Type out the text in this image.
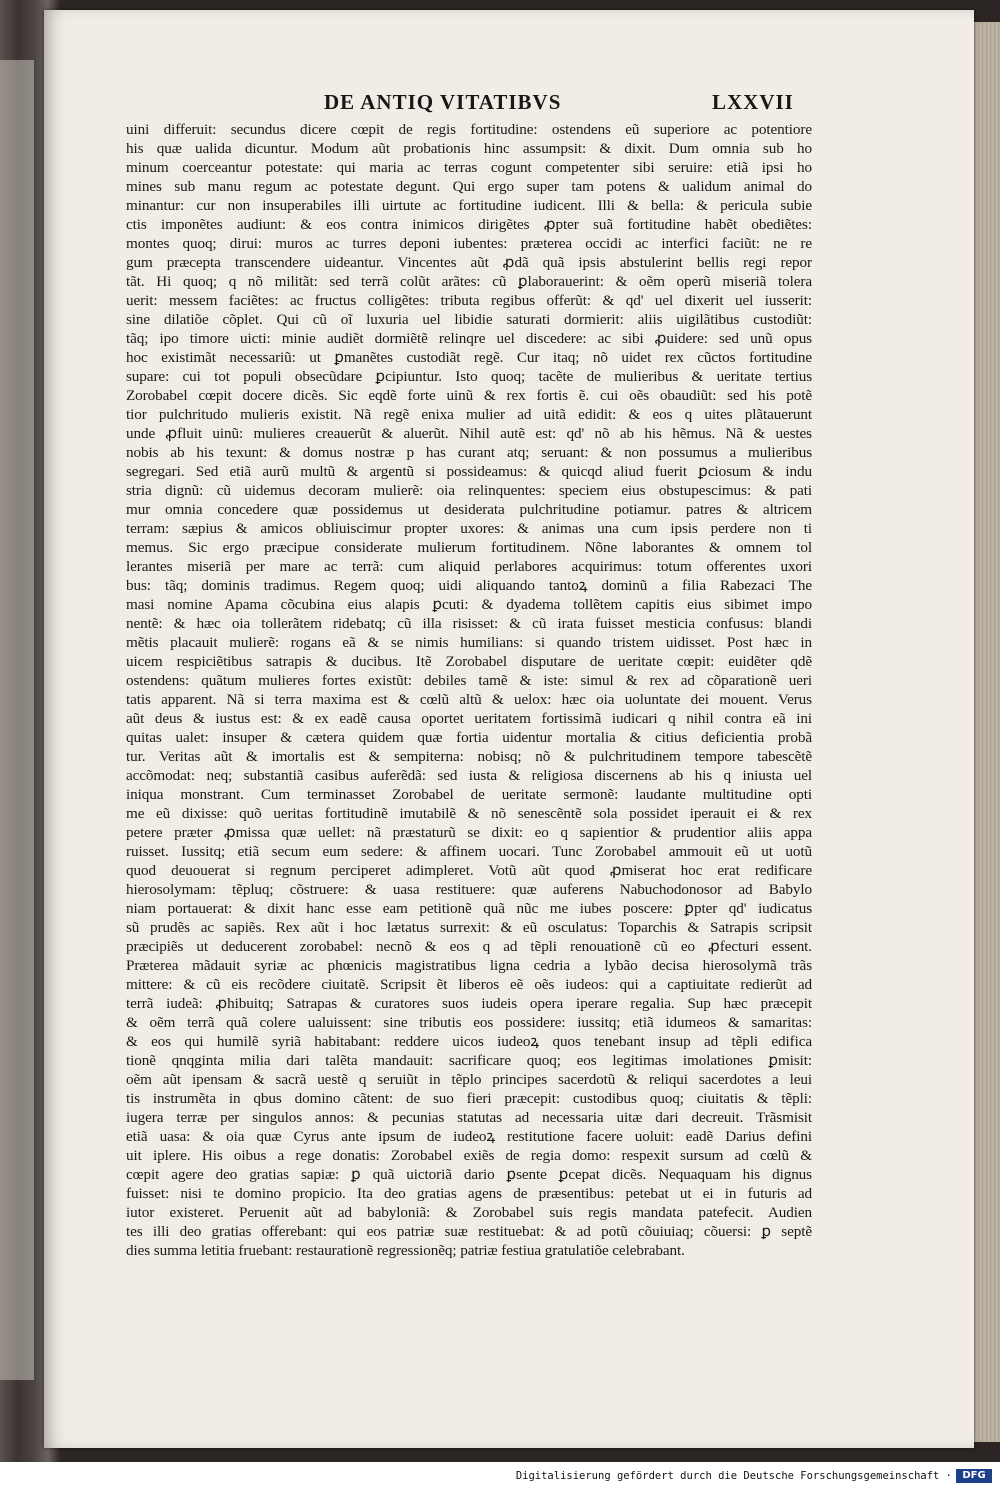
DE ANTIQ VITATIBVS	LXXVII
uini differuit: secundus dicere cœpit de regis fortitudine: ostendens eũ superiore ac potentiore
his quæ ualida dicuntur. Modum aũt probationis hinc assumpsit: & dixit. Dum omnia sub ho
minum coerceantur potestate: qui maria ac terras cogunt competenter sibi seruire: etiã ipsi ho
mines sub manu regum ac potestate degunt. Qui ergo super tam potens & ualidum animal do
minantur: cur non insuperabiles illi uirtute ac fortitudine iudicent. Illi & bella: & pericula subie
ctis imponẽtes audiunt: & eos contra inimicos dirigẽtes ꝓpter suã fortitudine habẽt obediẽtes:
montes quoq; dirui: muros ac turres deponi iubentes: præterea occidi ac interfici faciũt: ne re
gum præcepta transcendere uideantur. Vincentes aũt ꝓdã quã ipsis abstulerint bellis regi repor
tãt. Hi quoq; q nõ militãt: sed terrã colũt arãtes: cũ ꝑlaborauerint: & oẽm operũ miseriã tolera
uerit: messem faciẽtes: ac fructus colligẽtes: tributa regibus offerũt: & qd' uel dixerit uel iusserit:
sine dilatiõe cõplet. Qui cũ oĩ luxuria uel libidie saturati dormierit: aliis uigilãtibus custodiũt:
tãq; ipo timore uicti: minie audiẽt dormiẽtẽ relinqre uel discedere: ac sibi ꝓuidere: sed unũ opus
hoc existimãt necessariũ: ut ꝑmanẽtes custodiãt regẽ. Cur itaq; nõ uidet rex cũctos fortitudine
supare: cui tot populi obsecũdare ꝑcipiuntur. Isto quoq; tacẽte de mulieribus & ueritate tertius
Zorobabel cœpit docere dicẽs. Sic eqdẽ forte uinũ & rex fortis ẽ. cui oẽs obaudiũt: sed his potẽ
tior pulchritudo mulieris existit. Nã regẽ enixa mulier ad uitã edidit: & eos q uites plãtauerunt
unde ꝓfluit uinũ: mulieres creauerũt & aluerũt. Nihil autẽ est: qd' nõ ab his hẽmus. Nã & uestes
nobis ab his texunt: & domus nostræ p has curant atq; seruant: & non possumus a mulieribus
segregari. Sed etiã aurũ multũ & argentũ si possideamus: & quicqd aliud fuerit ꝑciosum & indu
stria dignũ: cũ uidemus decoram mulierẽ: oia relinquentes: speciem eius obstupescimus: & pati
mur omnia concedere quæ possidemus ut desiderata pulchritudine potiamur. patres & altricem
terram: sæpius & amicos obliuiscimur propter uxores: & animas una cum ipsis perdere non ti
memus. Sic ergo præcipue considerate mulierum fortitudinem. Nõne laborantes & omnem tol
lerantes miseriã per mare ac terrã: cum aliquid perlabores acquirimus: totum offerentes uxori
bus: tãq; dominis tradimus. Regem quoq; uidi aliquando tantoꝝ dominũ a filia Rabezaci The
masi nomine Apama cõcubina eius alapis ꝑcuti: & dyadema tollẽtem capitis eius sibimet impo
nentẽ: & hæc oia tollerãtem ridebatq; cũ illa risisset: & cũ irata fuisset mesticia confusus: blandi
mẽtis placauit mulierẽ: rogans eã & se nimis humilians: si quando tristem uidisset. Post hæc in
uicem respiciẽtibus satrapis & ducibus. Itẽ Zorobabel disputare de ueritate cœpit: euidẽter qdẽ
ostendens: quãtum mulieres fortes existũt: debiles tamẽ & iste: simul & rex ad cõparationẽ ueri
tatis apparent. Nã si terra maxima est & cœlũ altũ & uelox: hæc oia uoluntate dei mouent. Verus
aũt deus & iustus est: & ex eadẽ causa oportet ueritatem fortissimã iudicari q nihil contra eã ini
quitas ualet: insuper & cætera quidem quæ fortia uidentur mortalia & citius deficientia probã
tur. Veritas aũt & imortalis est & sempiterna: nobisq; nõ & pulchritudinem tempore tabescẽtẽ
accõmodat: neq; substantiã casibus auferẽdã: sed iusta & religiosa discernens ab his q iniusta uel
iniqua monstrant. Cum terminasset Zorobabel de ueritate sermonẽ: laudante multitudine opti
me eũ dixisse: quõ ueritas fortitudinẽ imutabilẽ & nõ senescẽntẽ sola possidet iperauit ei & rex
petere præter ꝓmissa quæ uellet: nã præstaturũ se dixit: eo q sapientior & prudentior aliis appa
ruisset. Iussitq; etiã secum eum sedere: & affinem uocari. Tunc Zorobabel ammouit eũ ut uotũ
quod deuouerat si regnum perciperet adimpleret. Votũ aũt quod ꝓmiserat hoc erat redificare
hierosolymam: tẽpluq; cõstruere: & uasa restituere: quæ auferens Nabuchodonosor ad Babylo
niam portauerat: & dixit hanc esse eam petitionẽ quã nũc me iubes poscere: ꝑpter qd' iudicatus
sũ prudẽs ac sapiẽs. Rex aũt i hoc lætatus surrexit: & eũ osculatus: Toparchis & Satrapis scripsit
præcipiẽs ut deducerent zorobabel: necnõ & eos q ad tẽpli renouationẽ cũ eo ꝓfecturi essent.
Præterea mãdauit syriæ ac phœnicis magistratibus ligna cedria a lybão decisa hierosolymã trãs
mittere: & cũ eis recõdere ciuitatẽ. Scripsit ẽt liberos eẽ oẽs iudeos: qui a captiuitate redierũt ad
terrã iudeã: ꝓhibuitq; Satrapas & curatores suos iudeis opera iperare regalia. Sup hæc præcepit
& oẽm terrã quã colere ualuissent: sine tributis eos possidere: iussitq; etiã idumeos & samaritas:
& eos qui humilẽ syriã habitabant: reddere uicos iudeoꝝ quos tenebant insup ad tẽpli edifica
tionẽ qnqginta milia dari talẽta mandauit: sacrificare quoq; eos legitimas imolationes ꝑmisit:
oẽm aũt ipensam & sacrã uestẽ q seruiũt in tẽplo principes sacerdotũ & reliqui sacerdotes a leui
tis instrumẽta in qbus domino cãtent: de suo fieri præcepit: custodibus quoq; ciuitatis & tẽpli:
iugera terræ per singulos annos: & pecunias statutas ad necessaria uitæ dari decreuit. Trãsmisit
etiã uasa: & oia quæ Cyrus ante ipsum de iudeoꝝ restitutione facere uoluit: eadẽ Darius defini
uit iplere. His oibus a rege donatis: Zorobabel exiẽs de regia domo: respexit sursum ad cœlũ &
cœpit agere deo gratias sapiæ: ꝑ quã uictoriã dario ꝑsente ꝑcepat dicẽs. Nequaquam his dignus
fuisset: nisi te domino propicio. Ita deo gratias agens de præsentibus: petebat ut ei in futuris ad
iutor existeret. Peruenit aũt ad babyloniã: & Zorobabel suis regis mandata patefecit. Audien
tes illi deo gratias offerebant: qui eos patriæ suæ restituebat: & ad potũ cõuiuiaq; cõuersi: ꝑ septẽ
dies summa letitia fruebant: restaurationẽ regressionẽq; patriæ festiua gratulatiõe celebrabant.
Digitalisierung gefördert durch die Deutsche Forschungsgemeinschaft ·	DFG
